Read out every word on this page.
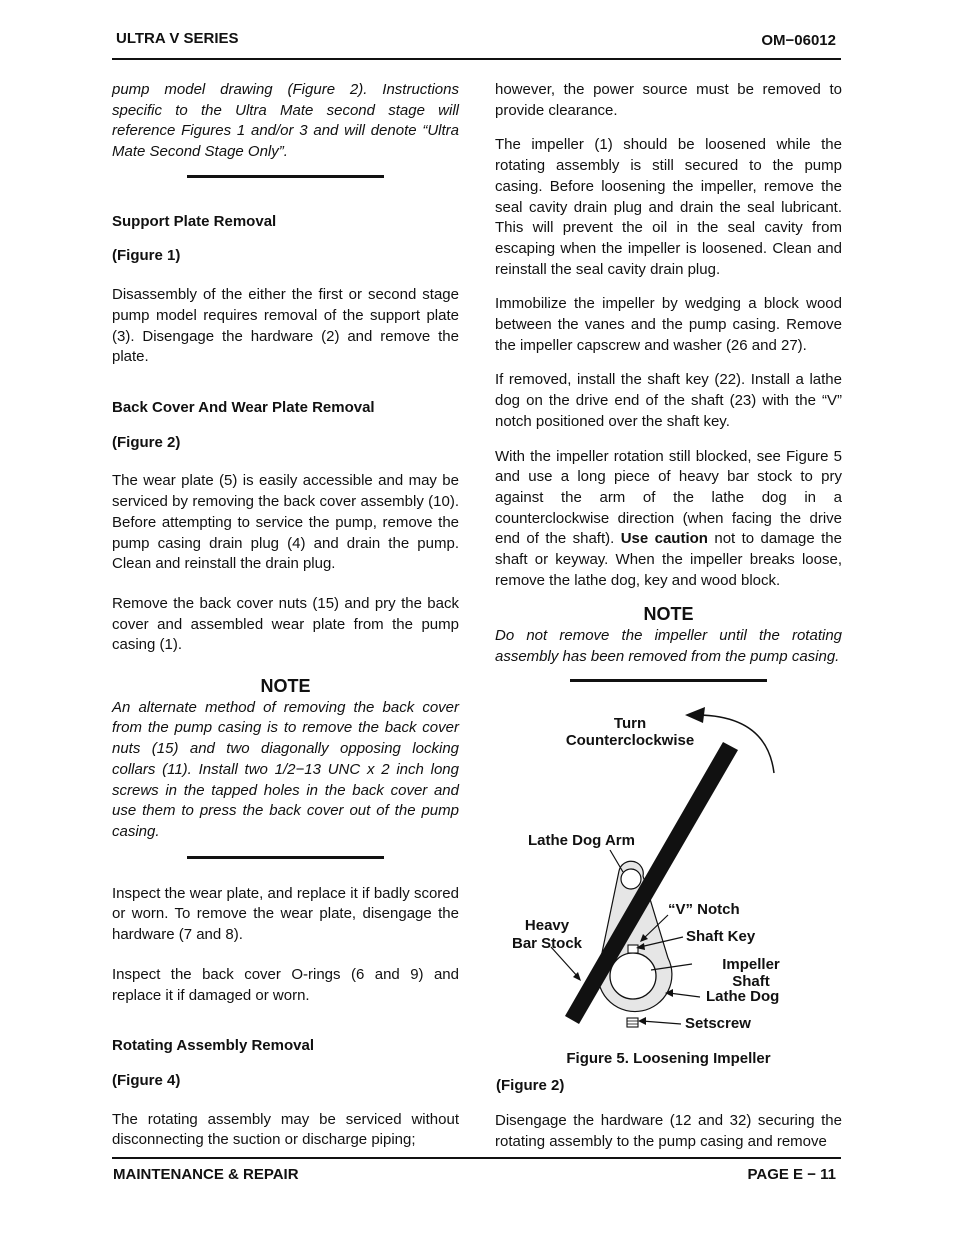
ULTRA V SERIES	OM−06012

pump model drawing (Figure 2). Instructions specific to the Ultra Mate second stage will reference Figures 1 and/or 3 and will denote “Ultra Mate Second Stage Only”.

Support Plate Removal
(Figure 1)

Disassembly of the either the first or second stage pump model requires removal of the support plate (3). Disengage the hardware (2) and remove the plate.

Back Cover And Wear Plate Removal
(Figure 2)

The wear plate (5) is easily accessible and may be serviced by removing the back cover assembly (10). Before attempting to service the pump, remove the pump casing drain plug (4) and drain the pump. Clean and reinstall the drain plug.

Remove the back cover nuts (15) and pry the back cover and assembled wear plate from the pump casing (1).

NOTE

An alternate method of removing the back cover from the pump casing is to remove the back cover nuts (15) and two diagonally opposing locking collars (11). Install two 1/2−13 UNC x 2 inch long screws in the tapped holes in the back cover and use them to press the back cover out of the pump casing.

Inspect the wear plate, and replace it if badly scored or worn. To remove the wear plate, disengage the hardware (7 and 8).

Inspect the back cover O-rings (6 and 9) and replace it if damaged or worn.

Rotating Assembly Removal
(Figure 4)

The rotating assembly may be serviced without disconnecting the suction or discharge piping;

however, the power source must be removed to provide clearance.

The impeller (1) should be loosened while the rotating assembly is still secured to the pump casing. Before loosening the impeller, remove the seal cavity drain plug and drain the seal lubricant. This will prevent the oil in the seal cavity from escaping when the impeller is loosened. Clean and reinstall the seal cavity drain plug.

Immobilize the impeller by wedging a block wood between the vanes and the pump casing. Remove the impeller capscrew and washer (26 and 27).

If removed, install the shaft key (22). Install a lathe dog on the drive end of the shaft (23) with the “V” notch positioned over the shaft key.

With the impeller rotation still blocked, see Figure 5 and use a long piece of heavy bar stock to pry against the arm of the lathe dog in a counterclockwise direction (when facing the drive end of the shaft). Use caution not to damage the shaft or keyway. When the impeller breaks loose, remove the lathe dog, key and wood block.

NOTE

Do not remove the impeller until the rotating assembly has been removed from the pump casing.

Turn
Counterclockwise
Lathe Dog Arm
“V” Notch
Heavy
Bar Stock	Shaft Key
Impeller
Shaft
Lathe Dog
Setscrew
Figure 5. Loosening Impeller
(Figure 2)

Disengage the hardware (12 and 32) securing the rotating assembly to the pump casing and remove

MAINTENANCE & REPAIR	PAGE E − 11
